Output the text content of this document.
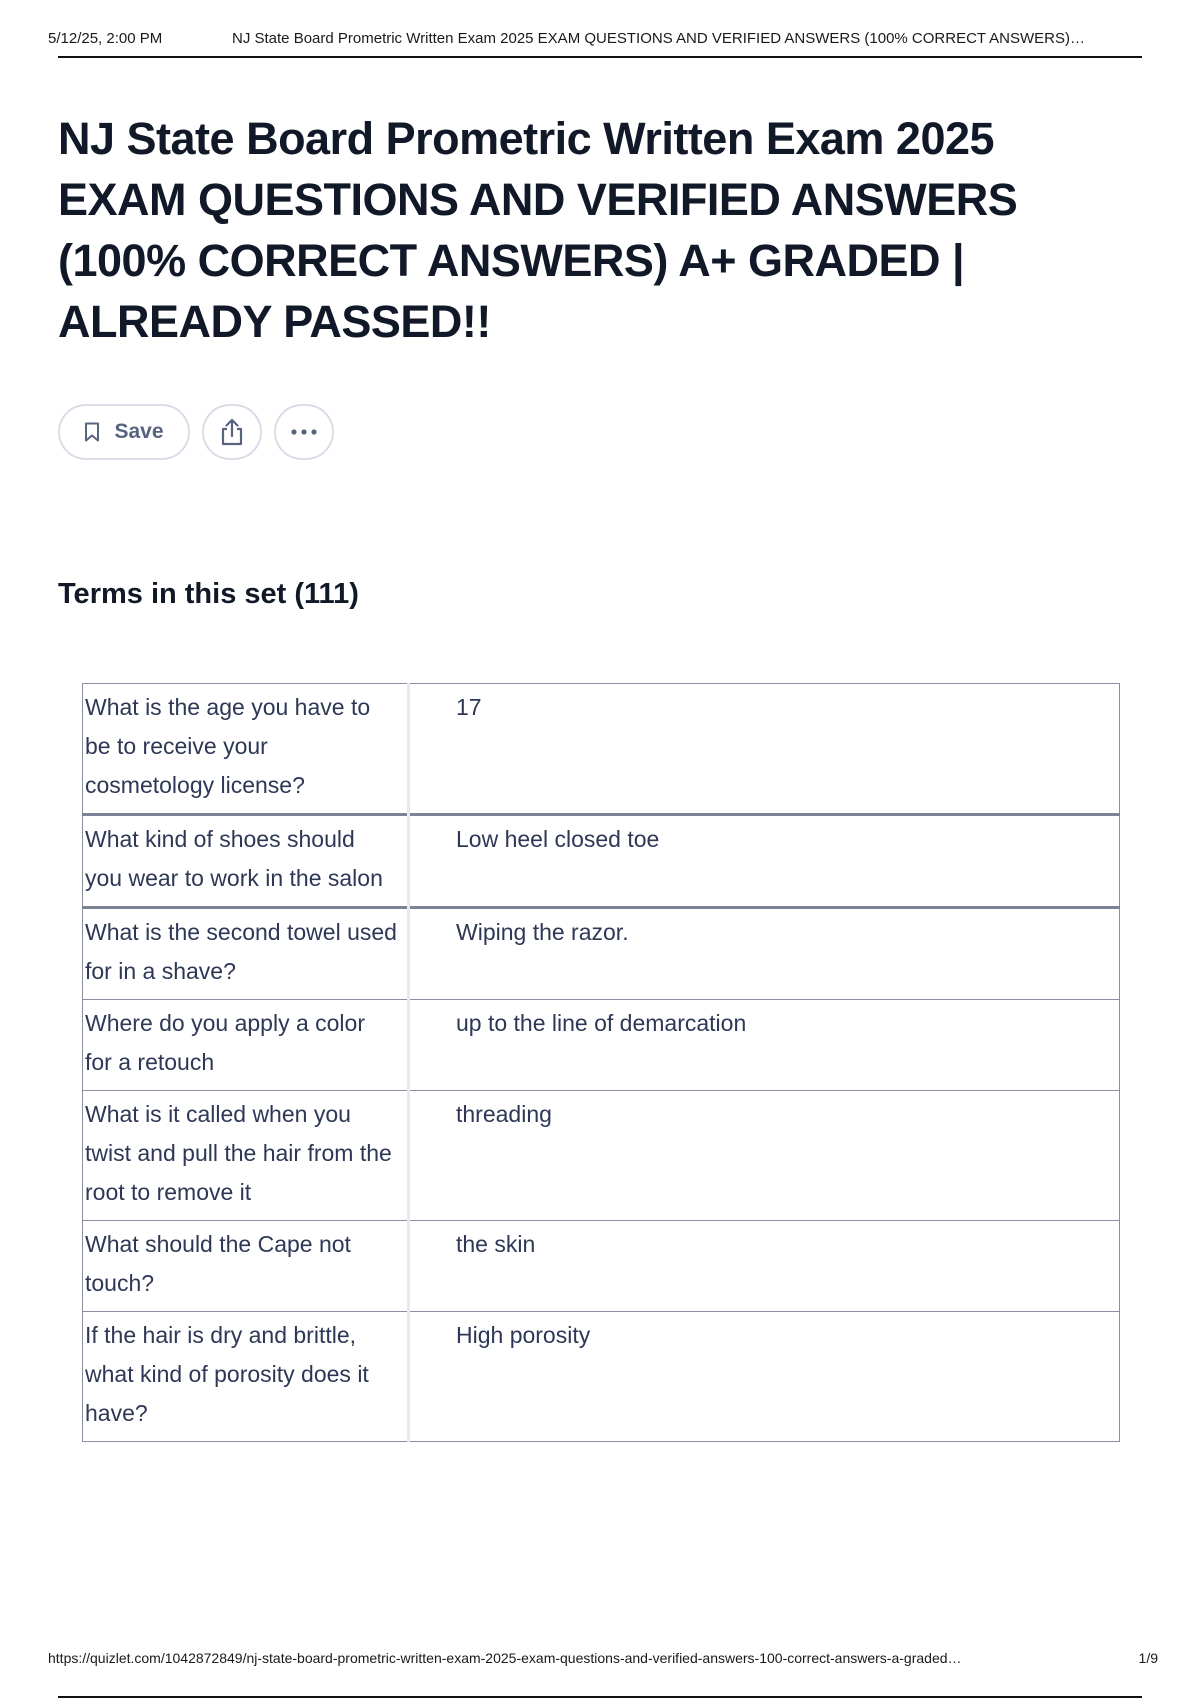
5/12/25, 2:00 PM	NJ State Board Prometric Written Exam 2025 EXAM QUESTIONS AND VERIFIED ANSWERS (100% CORRECT ANSWERS)…
NJ State Board Prometric Written Exam 2025 EXAM QUESTIONS AND VERIFIED ANSWERS (100% CORRECT ANSWERS) A+ GRADED | ALREADY PASSED!!
Save
Terms in this set (111)
What is the age you have to be to receive your cosmetology license?	17
What kind of shoes should you wear to work in the salon	Low heel closed toe
What is the second towel used for in a shave?	Wiping the razor.
Where do you apply a color for a retouch	up to the line of demarcation
What is it called when you twist and pull the hair from the root to remove it	threading
What should the Cape not touch?	the skin
If the hair is dry and brittle, what kind of porosity does it have?	High porosity
https://quizlet.com/1042872849/nj-state-board-prometric-written-exam-2025-exam-questions-and-verified-answers-100-correct-answers-a-graded…	1/9
